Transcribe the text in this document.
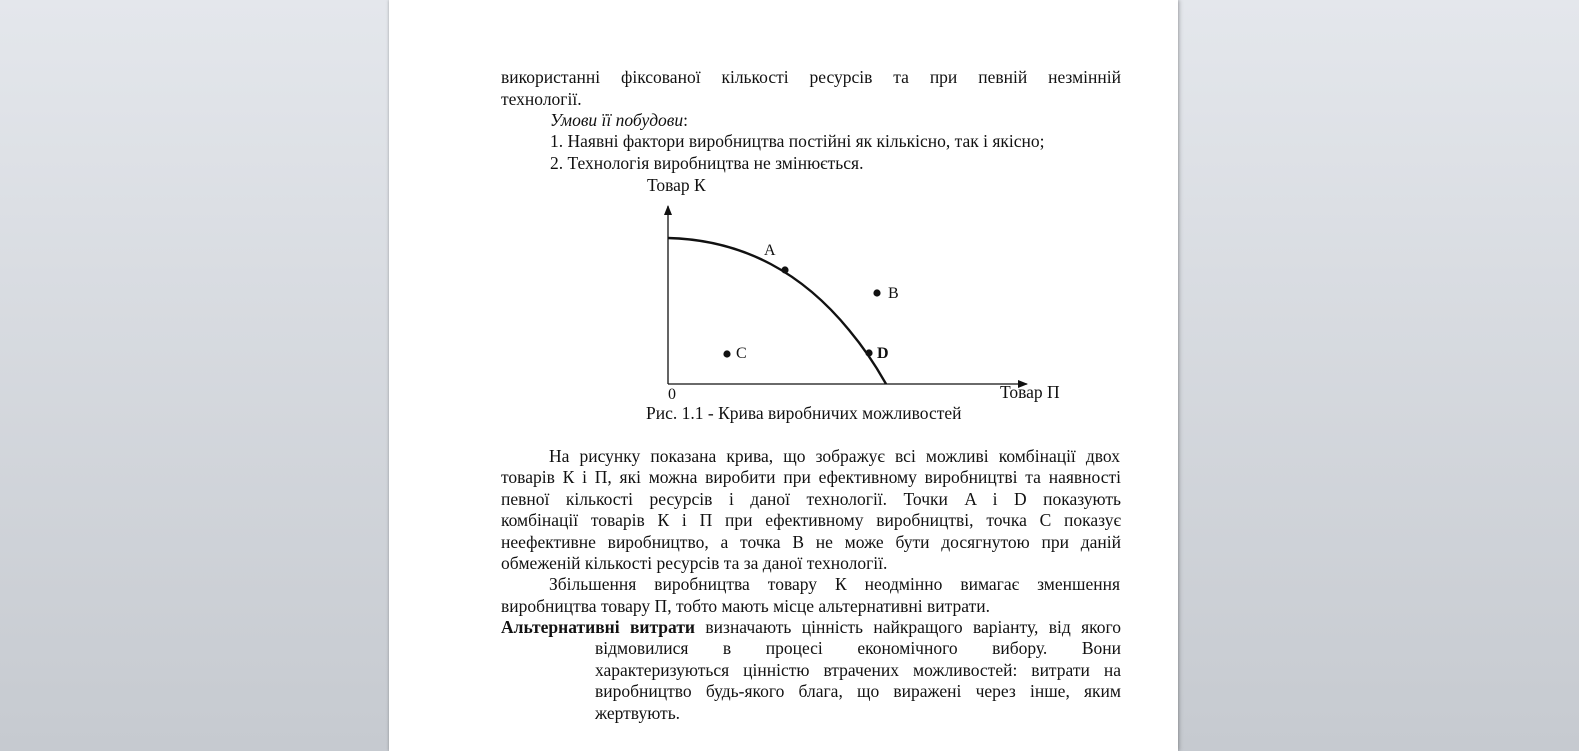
використанні фіксованої кількості ресурсів та при певній незмінній

технології.

Умови її побудови:

1. Наявні фактори виробництва постійні як кількісно, так і якісно;

2. Технологія виробництва не змінюється.

Товар К

A
B
C	D
0	Товар П

Рис. 1.1 - Крива виробничих можливостей

На рисунку показана крива, що зображує всі можливі комбінації двох

товарів К і П, які можна виробити при ефективному виробництві та наявності

певної кількості ресурсів і даної технології. Точки A і D показують

комбінації товарів К і П при ефективному виробництві, точка С показує

неефективне виробництво, а точка В не може бути досягнутою при даній

обмеженій кількості ресурсів та за даної технології.

Збільшення виробництва товару К неодмінно вимагає зменшення

виробництва товару П, тобто мають місце альтернативні витрати.

Альтернативні витрати визначають цінність найкращого варіанту, від якого

відмовилися в процесі економічного вибору. Вони

характеризуються цінністю втрачених можливостей: витрати на

виробництво будь-якого блага, що виражені через інше, яким

жертвують.
